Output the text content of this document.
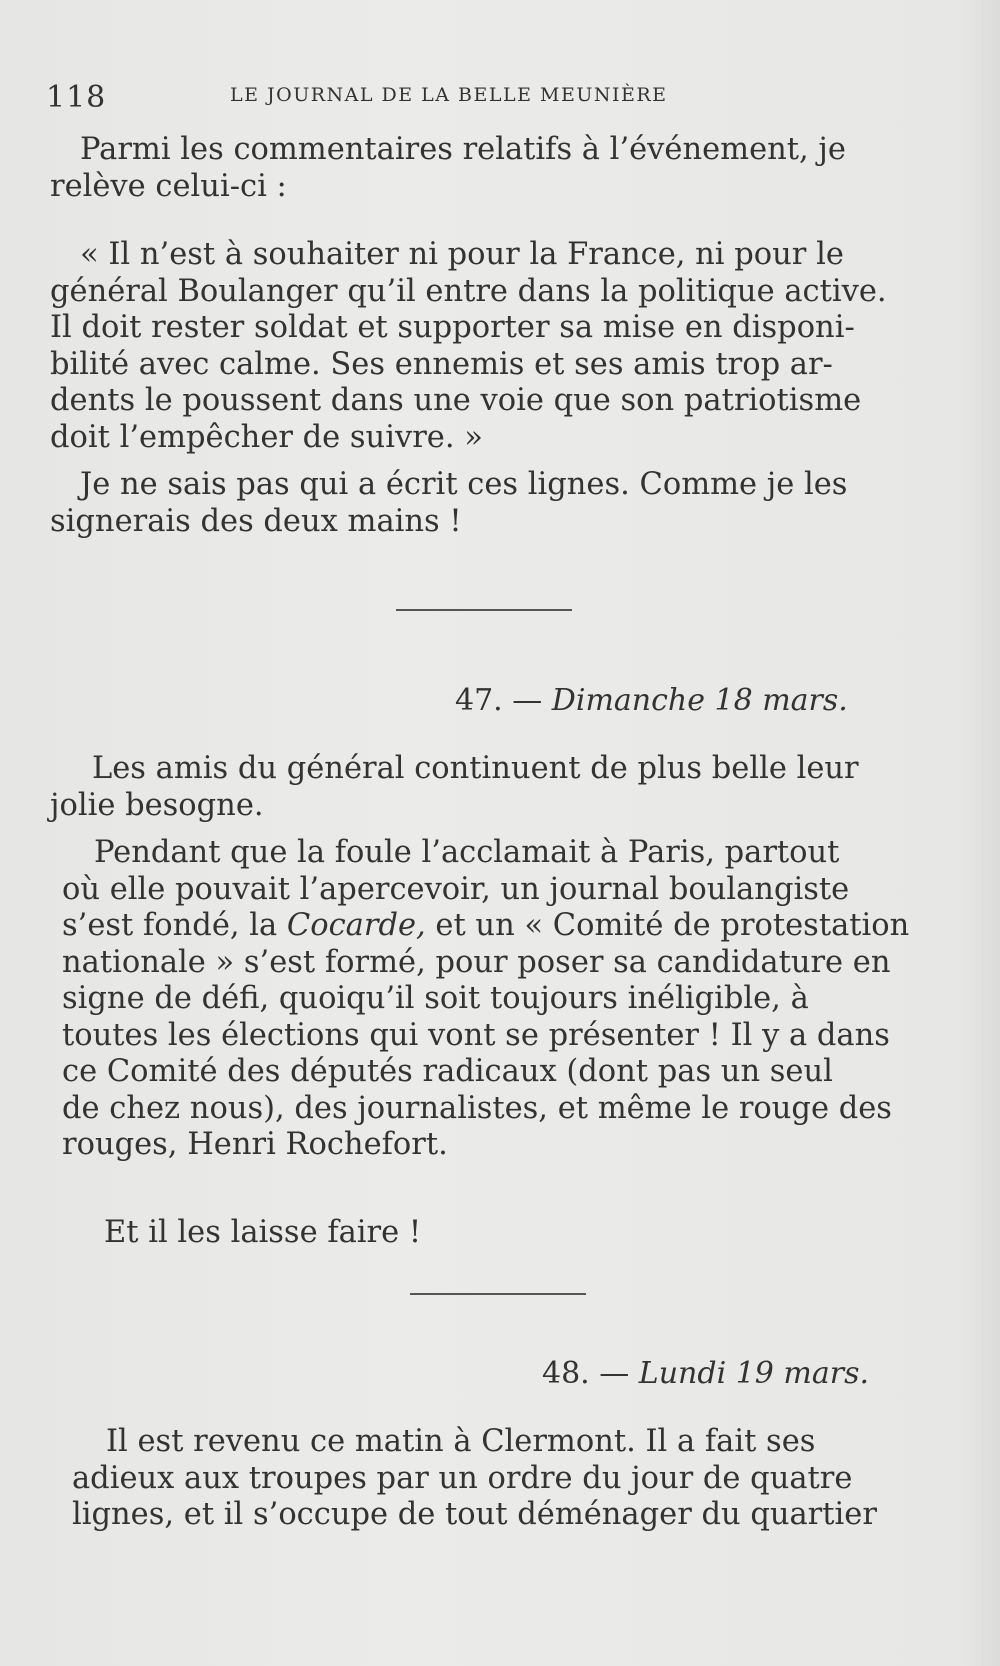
118	LE JOURNAL DE LA BELLE MEUNIÈRE
Parmi les commentaires relatifs à l’événement, je
relève celui-ci :
« Il n’est à souhaiter ni pour la France, ni pour le
général Boulanger qu’il entre dans la politique active.
Il doit rester soldat et supporter sa mise en disponi-
bilité avec calme. Ses ennemis et ses amis trop ar-
dents le poussent dans une voie que son patriotisme
doit l’empêcher de suivre. »
Je ne sais pas qui a écrit ces lignes. Comme je les
signerais des deux mains !
47. — Dimanche 18 mars.
Les amis du général continuent de plus belle leur
jolie besogne.
Pendant que la foule l’acclamait à Paris, partout
où elle pouvait l’apercevoir, un journal boulangiste
s’est fondé, la Cocarde, et un « Comité de protestation
nationale » s’est formé, pour poser sa candidature en
signe de défi, quoiqu’il soit toujours inéligible, à
toutes les élections qui vont se présenter ! Il y a dans
ce Comité des députés radicaux (dont pas un seul
de chez nous), des journalistes, et même le rouge des
rouges, Henri Rochefort.
Et il les laisse faire !
48. — Lundi 19 mars.
Il est revenu ce matin à Clermont. Il a fait ses
adieux aux troupes par un ordre du jour de quatre
lignes, et il s’occupe de tout déménager du quartier
